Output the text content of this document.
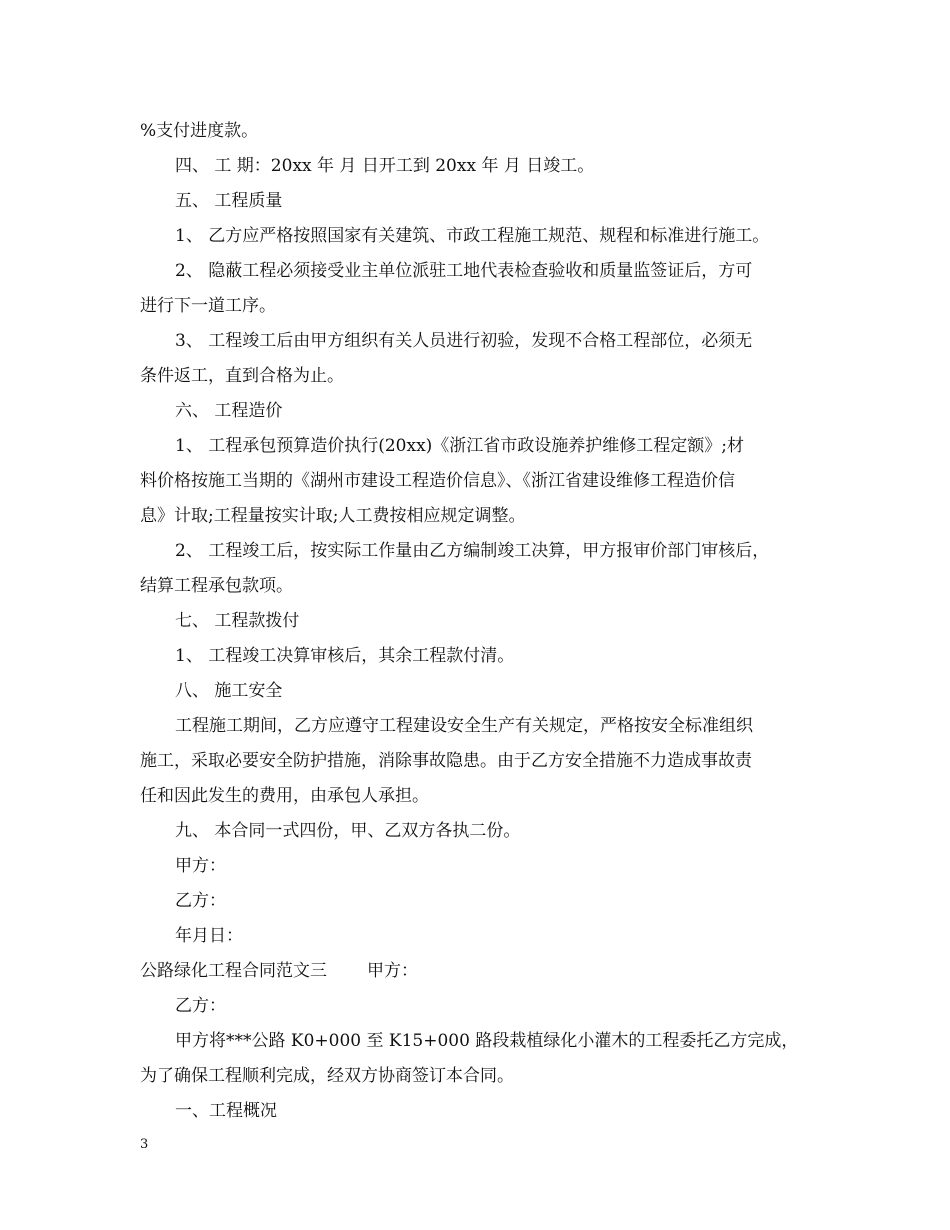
%支付进度款。
四、 工 期：20xx 年 月 日开工到 20xx 年 月 日竣工。
五、 工程质量
1、 乙方应严格按照国家有关建筑、市政工程施工规范、规程和标准进行施工。
2、 隐蔽工程必须接受业主单位派驻工地代表检查验收和质量监签证后，方可
进行下一道工序。
3、 工程竣工后由甲方组织有关人员进行初验，发现不合格工程部位，必须无
条件返工，直到合格为止。
六、 工程造价
1、 工程承包预算造价执行(20xx)《浙江省市政设施养护维修工程定额》;材
料价格按施工当期的《湖州市建设工程造价信息》、《浙江省建设维修工程造价信
息》计取;工程量按实计取;人工费按相应规定调整。
2、 工程竣工后，按实际工作量由乙方编制竣工决算，甲方报审价部门审核后，
结算工程承包款项。
七、 工程款拨付
1、 工程竣工决算审核后，其余工程款付清。
八、 施工安全
工程施工期间，乙方应遵守工程建设安全生产有关规定，严格按安全标准组织
施工，采取必要安全防护措施，消除事故隐患。由于乙方安全措施不力造成事故责
任和因此发生的费用，由承包人承担。
九、 本合同一式四份，甲、乙双方各执二份。
甲方：
乙方：
年月日：
公路绿化工程合同范文三 甲方：
乙方：
甲方将***公路 K0+000 至 K15+000 路段栽植绿化小灌木的工程委托乙方完成，
为了确保工程顺利完成，经双方协商签订本合同。
一、工程概况
3
